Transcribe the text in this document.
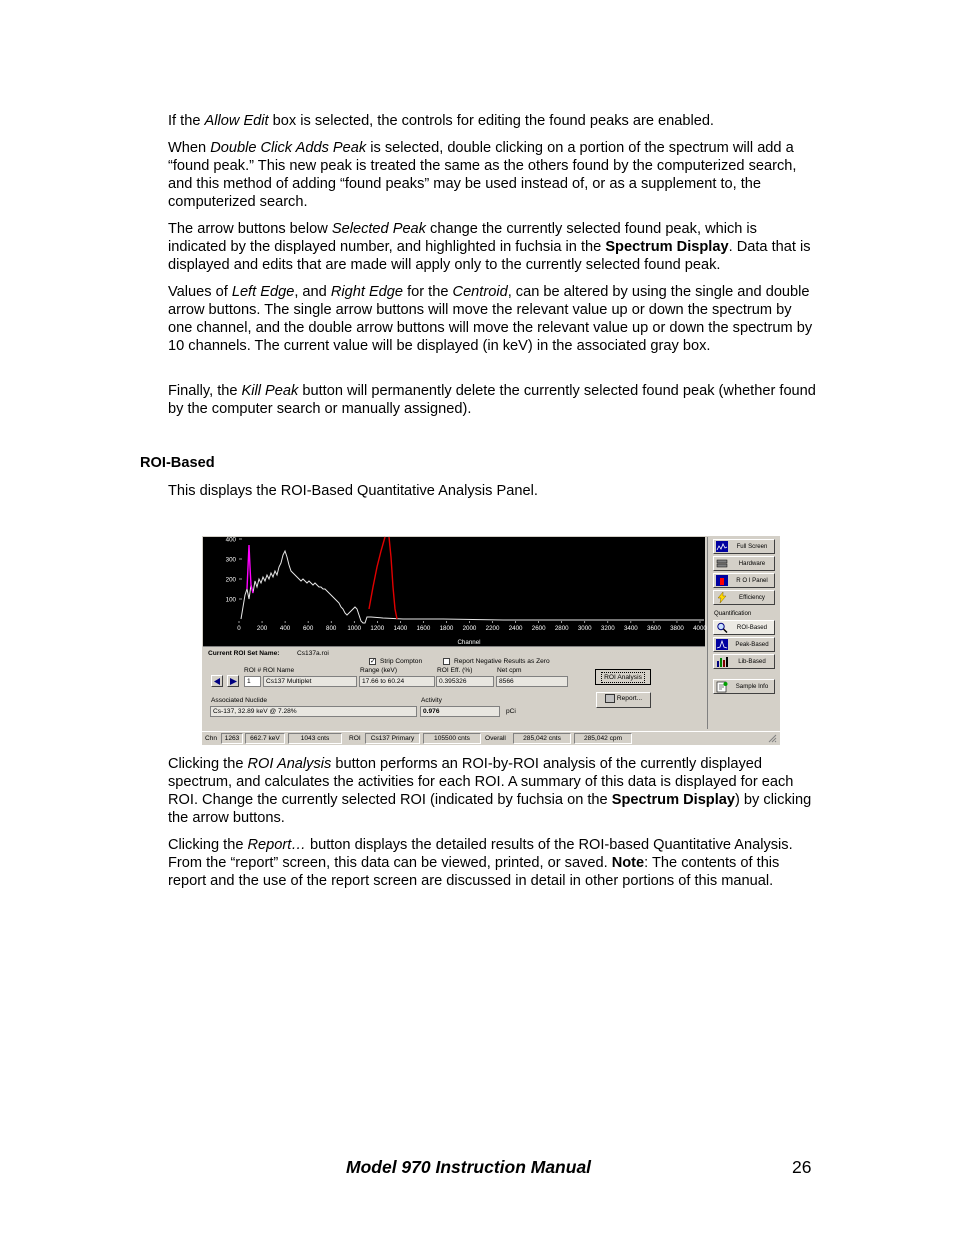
If the Allow Edit box is selected, the controls for editing the found peaks are enabled.

When Double Click Adds Peak is selected, double clicking on a portion of the spectrum will add a “found peak.” This new peak is treated the same as the others found by the computerized search, and this method of adding “found peaks” may be used instead of, or as a supplement to, the computerized search.

The arrow buttons below Selected Peak change the currently selected found peak, which is indicated by the displayed number, and highlighted in fuchsia in the Spectrum Display. Data that is displayed and edits that are made will apply only to the currently selected found peak.

Values of Left Edge, and Right Edge for the Centroid, can be altered by using the single and double arrow buttons. The single arrow buttons will move the relevant value up or down the spectrum by one channel, and the double arrow buttons will move the relevant value up or down the spectrum by 10 channels. The current value will be displayed (in keV) in the associated gray box.

Finally, the Kill Peak button will permanently delete the currently selected found peak (whether found by the computer search or manually assigned).

ROI-Based

This displays the ROI-Based Quantitative Analysis Panel.

400
300
200
100
0	200 400 600 800 1000 1200 1400 1600 1800 2000 2200 2400 2600 2800 3000 3200 3400 3600 3800 4000
Channel
Current ROI Set Name:	Cs137a.roi
✓ Strip Compton	Report Negative Results as Zero
ROI # ROI Name	Range (keV)	ROI Eff. (%)	Net cpm
1	Cs137 Multiplet	17.66 to 60.24	0.395326	8566
ROI Analysis
Associated Nuclide
Cs-137, 32.89 keV @ 7.28%
Activity
0.976	pCi
Report...
Full Screen
Hardware
R O I Panel
Efficiency
Quantification
ROI-Based
Peak-Based
Lib-Based
Sample Info
Chn	1263	662.7 keV	1043 cnts	ROI	Cs137 Primary	105500 cnts	Overall	285,042 cnts	285,042 cpm

Clicking the ROI Analysis button performs an ROI-by-ROI analysis of the currently displayed spectrum, and calculates the activities for each ROI. A summary of this data is displayed for each ROI. Change the currently selected ROI (indicated by fuchsia on the Spectrum Display) by clicking the arrow buttons.

Clicking the Report… button displays the detailed results of the ROI-based Quantitative Analysis. From the “report” screen, this data can be viewed, printed, or saved. Note: The contents of this report and the use of the report screen are discussed in detail in other portions of this manual.

Model 970 Instruction Manual	26
